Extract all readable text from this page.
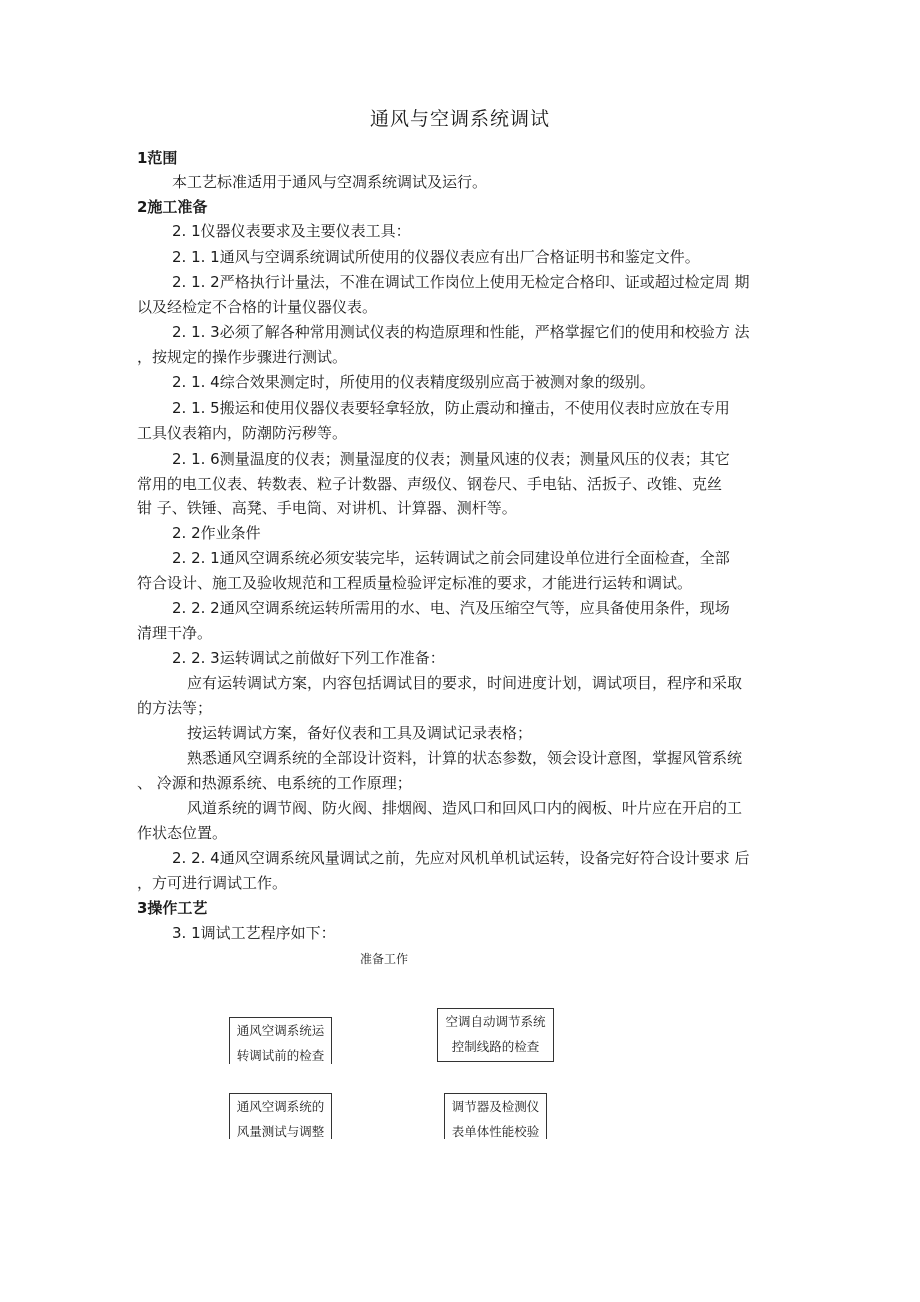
通风与空调系统调试
1范围
本工艺标准适用于通风与空凋系统调试及运行。
2施工准备
2. 1仪器仪表要求及主要仪表工具：
2. 1. 1通风与空调系统调试所使用的仪器仪表应有出厂合格证明书和鉴定文件。
2. 1. 2严格执行计量法，不准在调试工作岗位上使用无检定合格印、证或超过检定周 期
以及经检定不合格的计量仪器仪表。
2. 1. 3必须了解各种常用测试仪表的构造原理和性能，严格掌握它们的使用和校验方 法
，按规定的操作步骤进行测试。
2. 1. 4综合效果测定时，所使用的仪表精度级别应高于被测对象的级别。
2. 1. 5搬运和使用仪器仪表要轻拿轻放，防止震动和撞击，不使用仪表时应放在专用
工具仪表箱内，防潮防污秽等。
2. 1. 6测量温度的仪表；测量湿度的仪表；测量风速的仪表；测量风压的仪表；其它
常用的电工仪表、转数表、粒子计数器、声级仪、钢卷尺、手电钻、活扳子、改锥、克丝
钳 子、铁锤、高凳、手电筒、对讲机、计算器、测杆等。
2. 2作业条件
2. 2. 1通风空调系统必须安装完毕，运转调试之前会同建设单位进行全面检查，全部
符合设计、施工及验收规范和工程质量检验评定标准的要求，才能进行运转和调试。
2. 2. 2通风空调系统运转所需用的水、电、汽及压缩空气等，应具备使用条件，现场
清理干净。
2. 2. 3运转调试之前做好下列工作准备：
应有运转调试方案，内容包括调试目的要求，时间进度计划，调试项目，程序和采取
的方法等；
按运转调试方案，备好仪表和工具及调试记录表格；
熟悉通风空调系统的全部设计资料，计算的状态参数，领会设计意图，掌握风管系统
、 冷源和热源系统、电系统的工作原理；
风道系统的调节阀、防火阀、排烟阀、造风口和回风口内的阀板、叶片应在开启的工
作状态位置。
2. 2. 4通风空调系统风量调试之前，先应对风机单机试运转，设备完好符合设计要求 后
，方可进行调试工作。
3操作工艺
3. 1调试工艺程序如下：
准备工作
通风空调系统运
转调试前的检查
空调自动调节系统
控制线路的检查
通风空调系统的
风量测试与调整
调节器及检测仪
表单体性能校验
